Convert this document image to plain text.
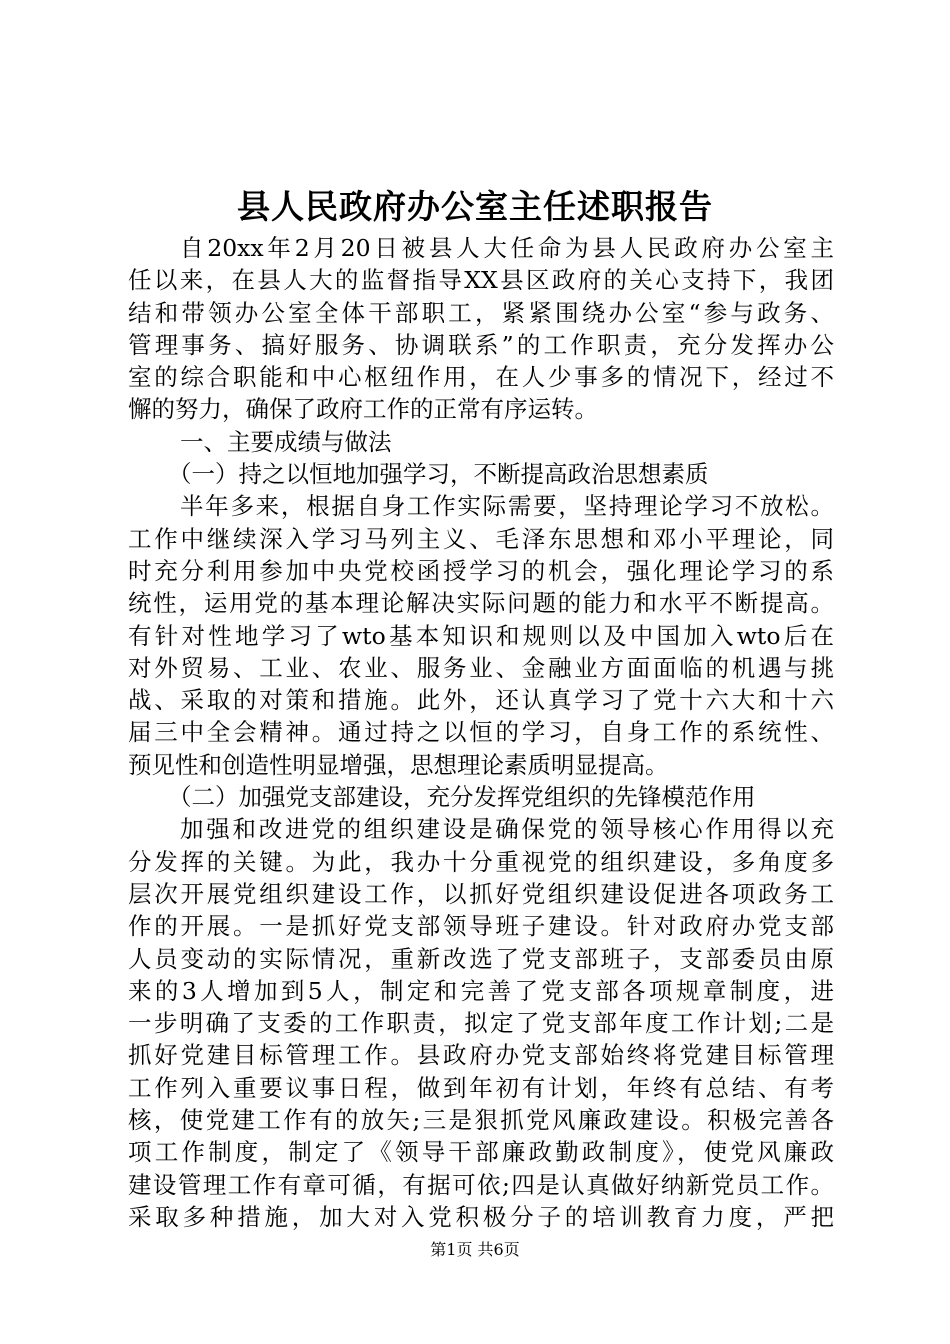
县人民政府办公室主任述职报告
自20xx年2月20日被县人大任命为县人民政府办公室主
任以来，在县人大的监督指导XX县区政府的关心支持下，我团
结和带领办公室全体干部职工，紧紧围绕办公室“参与政务、
管理事务、搞好服务、协调联系”的工作职责，充分发挥办公
室的综合职能和中心枢纽作用，在人少事多的情况下，经过不
懈的努力，确保了政府工作的正常有序运转。
一、主要成绩与做法
（一）持之以恒地加强学习，不断提高政治思想素质
半年多来，根据自身工作实际需要，坚持理论学习不放松。
工作中继续深入学习马列主义、毛泽东思想和邓小平理论，同
时充分利用参加中央党校函授学习的机会，强化理论学习的系
统性，运用党的基本理论解决实际问题的能力和水平不断提高。
有针对性地学习了wto基本知识和规则以及中国加入wto后在
对外贸易、工业、农业、服务业、金融业方面面临的机遇与挑
战、采取的对策和措施。此外，还认真学习了党十六大和十六
届三中全会精神。通过持之以恒的学习，自身工作的系统性、
预见性和创造性明显增强，思想理论素质明显提高。
（二）加强党支部建设，充分发挥党组织的先锋模范作用
加强和改进党的组织建设是确保党的领导核心作用得以充
分发挥的关键。为此，我办十分重视党的组织建设，多角度多
层次开展党组织建设工作，以抓好党组织建设促进各项政务工
作的开展。一是抓好党支部领导班子建设。针对政府办党支部
人员变动的实际情况，重新改选了党支部班子，支部委员由原
来的3人增加到5人，制定和完善了党支部各项规章制度，进
一步明确了支委的工作职责，拟定了党支部年度工作计划;二是
抓好党建目标管理工作。县政府办党支部始终将党建目标管理
工作列入重要议事日程，做到年初有计划，年终有总结、有考
核，使党建工作有的放矢;三是狠抓党风廉政建设。积极完善各
项工作制度，制定了《领导干部廉政勤政制度》，使党风廉政
建设管理工作有章可循，有据可依;四是认真做好纳新党员工作。
采取多种措施，加大对入党积极分子的培训教育力度，严把
第1页 共6页
